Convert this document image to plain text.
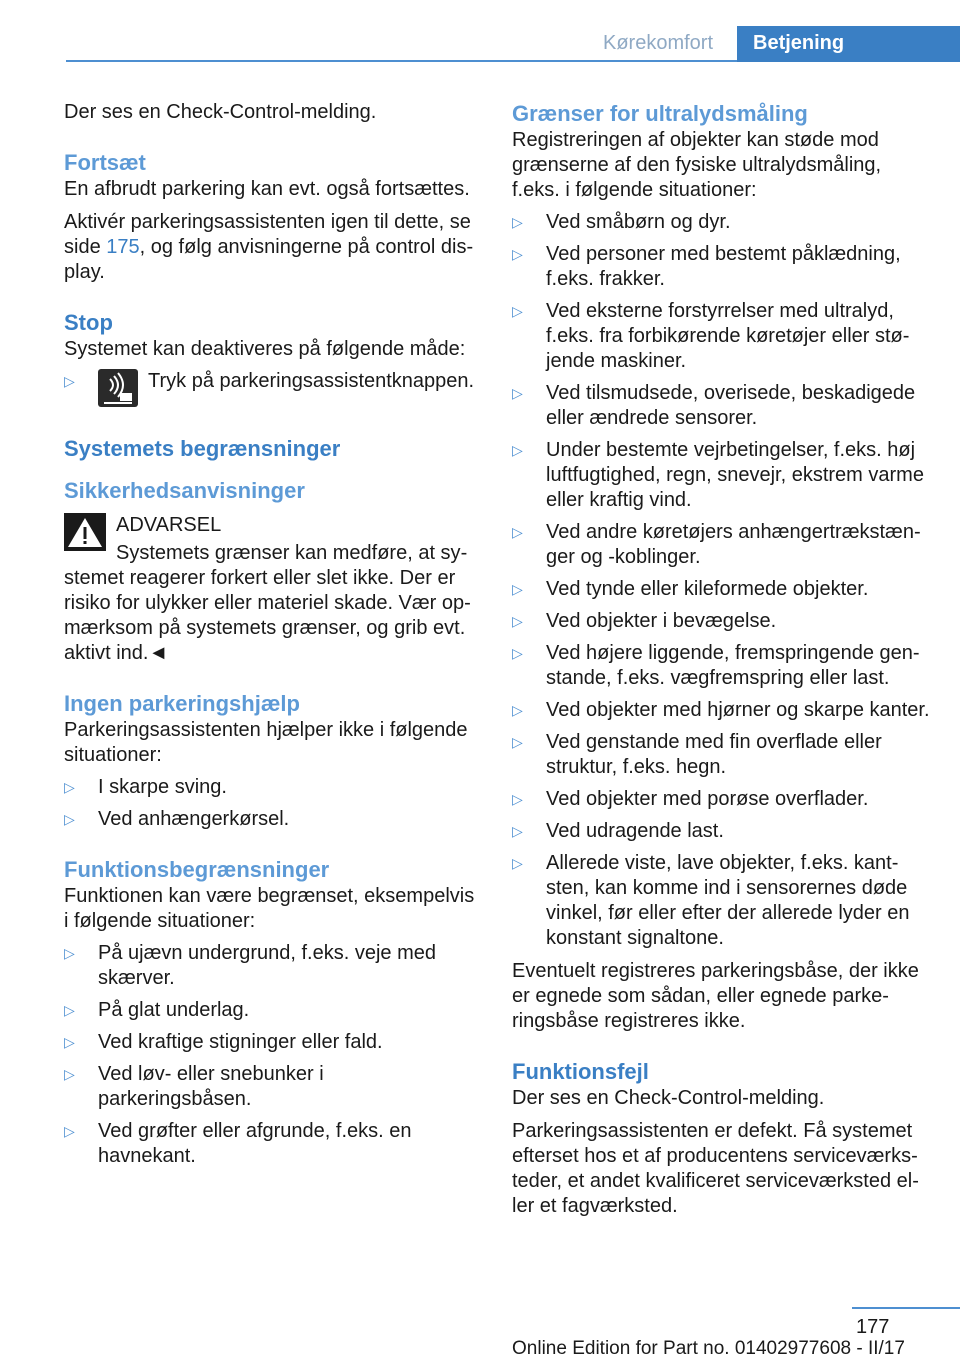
Kørekomfort	Betjening

Der ses en Check-Control-melding.

Fortsæt

En afbrudt parkering kan evt. også fortsættes.

Aktivér parkeringsassistenten igen til dette, se side 175, og følg anvisningerne på control display.

Stop

Systemet kan deaktiveres på følgende måde:

▷	Tryk på parkeringsassistentknappen.
Systemets begrænsninger
Sikkerhedsanvisninger

ADVARSEL

Systemets grænser kan medføre, at systemet reagerer forkert eller slet ikke. Der er risiko for ulykker eller materiel skade. Vær opmærksom på systemets grænser, og grib evt. aktivt ind.◄

Ingen parkeringshjælp

Parkeringsassistenten hjælper ikke i følgende situationer:

▷ I skarpe sving.
▷ Ved anhængerkørsel.
Funktionsbegrænsninger

Funktionen kan være begrænset, eksempelvis i følgende situationer:

▷ På ujævn undergrund, f.eks. veje med skærver.
▷ På glat underlag.
▷ Ved kraftige stigninger eller fald.
▷ Ved løv- eller snebunker i parkeringsbåsen.
▷ Ved grøfter eller afgrunde, f.eks. en havnekant.
Grænser for ultralydsmåling

Registreringen af objekter kan støde mod grænserne af den fysiske ultralydsmåling, f.eks. i følgende situationer:

▷ Ved småbørn og dyr.
▷ Ved personer med bestemt påklædning, f.eks. frakker.
▷ Ved eksterne forstyrrelser med ultralyd, f.eks. fra forbikørende køretøjer eller støjende maskiner.
▷ Ved tilsmudsede, overisede, beskadigede eller ændrede sensorer.
▷ Under bestemte vejrbetingelser, f.eks. høj luftfugtighed, regn, snevejr, ekstrem varme eller kraftig vind.
▷ Ved andre køretøjers anhængertrækstænger og -koblinger.
▷ Ved tynde eller kileformede objekter.
▷ Ved objekter i bevægelse.
▷ Ved højere liggende, fremspringende genstande, f.eks. vægfremspring eller last.
▷ Ved objekter med hjørner og skarpe kanter.
▷ Ved genstande med fin overflade eller struktur, f.eks. hegn.
▷ Ved objekter med porøse overflader.
▷ Ved udragende last.
▷ Allerede viste, lave objekter, f.eks. kantsten, kan komme ind i sensorernes døde vinkel, før eller efter der allerede lyder en konstant signaltone.

Eventuelt registreres parkeringsbåse, der ikke er egnede som sådan, eller egnede parkeringsbåse registreres ikke.

Funktionsfejl

Der ses en Check-Control-melding.

Parkeringsassistenten er defekt. Få systemet efterset hos et af producentens serviceværksteder, et andet kvalificeret serviceværksted eller et fagværksted.

177
Online Edition for Part no. 01402977608 - II/17
